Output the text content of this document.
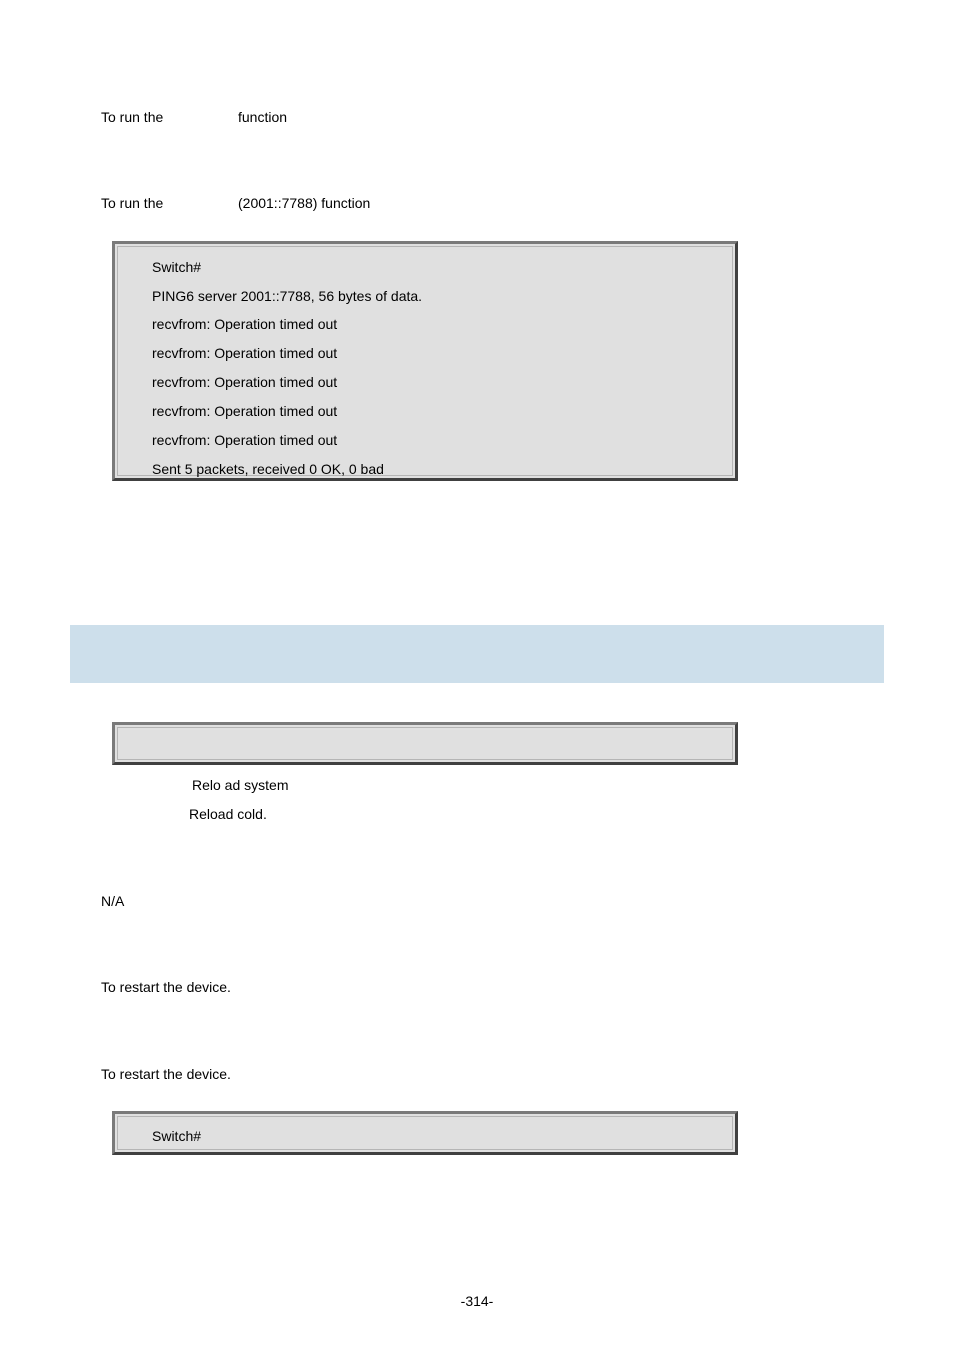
To run the	function
To run the	(2001::7788) function
Switch#
PING6 server 2001::7788, 56 bytes of data.
recvfrom: Operation timed out
recvfrom: Operation timed out
recvfrom: Operation timed out
recvfrom: Operation timed out
recvfrom: Operation timed out
Sent 5 packets, received 0 OK, 0 bad
Relo ad system
Reload cold.
N/A
To restart the device.
To restart the device.
Switch#
-314-
